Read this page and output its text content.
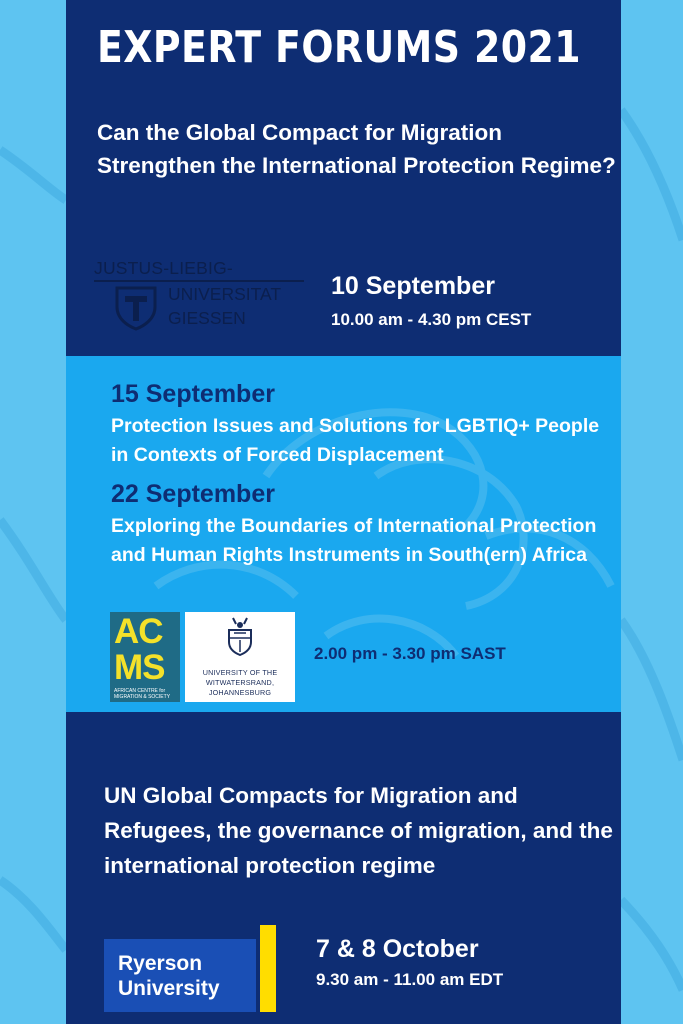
EXPERT FORUMS 2021
Can the Global Compact for Migration Strengthen the International Protection Regime?
JUSTUS-LIEBIG-
UNIVERSITAT
GIESSEN
10 September
10.00 am - 4.30 pm CEST
15 September
Protection Issues and Solutions for LGBTIQ+ People in Contexts of Forced Displacement
22 September
Exploring the Boundaries of International Protection and Human Rights Instruments in South(ern) Africa
AC
MS
AFRICAN CENTRE for MIGRATION & SOCIETY
UNIVERSITY OF THE
WITWATERSRAND,
JOHANNESBURG
2.00 pm - 3.30 pm SAST
UN Global Compacts for Migration and Refugees, the governance of migration, and the international protection regime
Ryerson
University
7 & 8 October
9.30 am - 11.00 am EDT
